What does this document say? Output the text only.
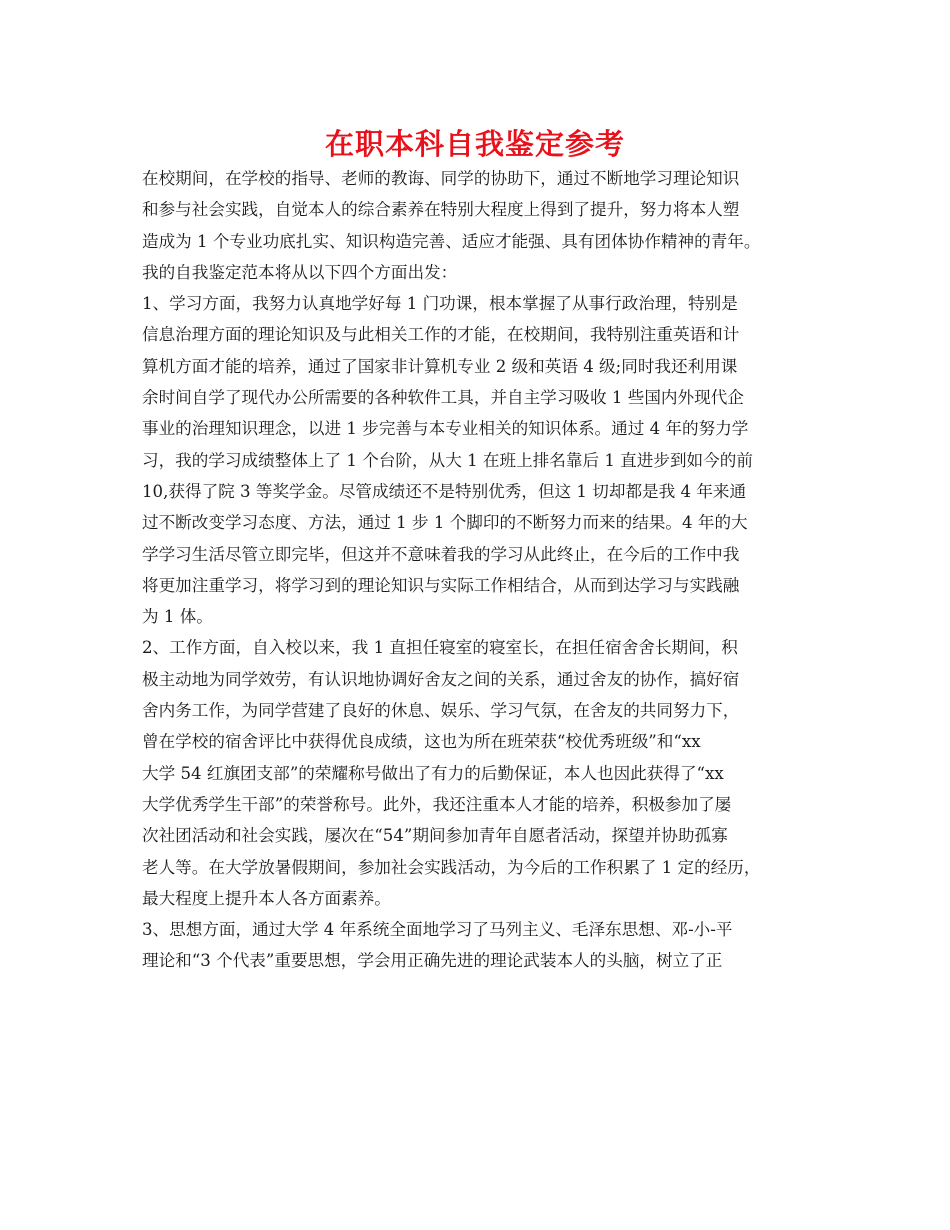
在职本科自我鉴定参考
在校期间，在学校的指导、老师的教诲、同学的协助下，通过不断地学习理论知识
和参与社会实践，自觉本人的综合素养在特别大程度上得到了提升，努力将本人塑
造成为 1 个专业功底扎实、知识构造完善、适应才能强、具有团体协作精神的青年。
我的自我鉴定范本将从以下四个方面出发：
1、学习方面，我努力认真地学好每 1 门功课，根本掌握了从事行政治理，特别是
信息治理方面的理论知识及与此相关工作的才能，在校期间，我特别注重英语和计
算机方面才能的培养，通过了国家非计算机专业 2 级和英语 4 级;同时我还利用课
余时间自学了现代办公所需要的各种软件工具，并自主学习吸收 1 些国内外现代企
事业的治理知识理念，以进 1 步完善与本专业相关的知识体系。通过 4 年的努力学
习，我的学习成绩整体上了 1 个台阶，从大 1 在班上排名靠后 1 直进步到如今的前
10,获得了院 3 等奖学金。尽管成绩还不是特别优秀，但这 1 切却都是我 4 年来通
过不断改变学习态度、方法，通过 1 步 1 个脚印的不断努力而来的结果。4 年的大
学学习生活尽管立即完毕，但这并不意味着我的学习从此终止，在今后的工作中我
将更加注重学习，将学习到的理论知识与实际工作相结合，从而到达学习与实践融
为 1 体。
2、工作方面，自入校以来，我 1 直担任寝室的寝室长，在担任宿舍舍长期间，积
极主动地为同学效劳，有认识地协调好舍友之间的关系，通过舍友的协作，搞好宿
舍内务工作，为同学营建了良好的休息、娱乐、学习气氛，在舍友的共同努力下，
曾在学校的宿舍评比中获得优良成绩，这也为所在班荣获“校优秀班级”和“xx
大学 54 红旗团支部”的荣耀称号做出了有力的后勤保证，本人也因此获得了“xx
大学优秀学生干部”的荣誉称号。此外，我还注重本人才能的培养，积极参加了屡
次社团活动和社会实践，屡次在“54”期间参加青年自愿者活动，探望并协助孤寡
老人等。在大学放暑假期间，参加社会实践活动，为今后的工作积累了 1 定的经历，
最大程度上提升本人各方面素养。
3、思想方面，通过大学 4 年系统全面地学习了马列主义、毛泽东思想、邓-小-平
理论和“3 个代表”重要思想，学会用正确先进的理论武装本人的头脑，树立了正
